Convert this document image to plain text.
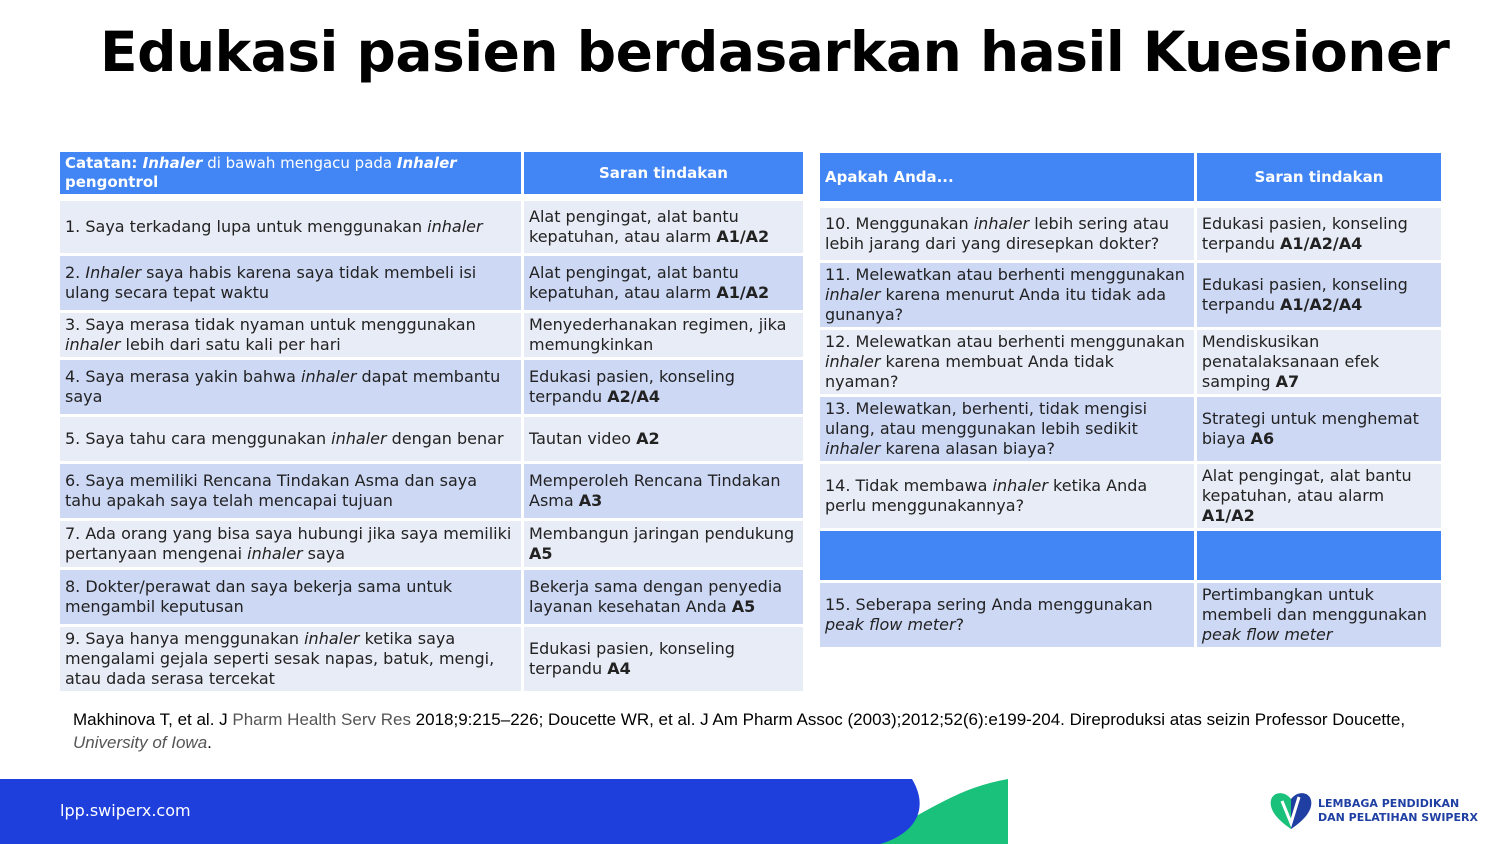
Edukasi pasien berdasarkan hasil Kuesioner
Catatan: Inhaler di bawah mengacu pada Inhaler pengontrol	Saran tindakan

1. Saya terkadang lupa untuk menggunakan inhaler	Alat pengingat, alat bantu kepatuhan, atau alarm A1/A2
2. Inhaler saya habis karena saya tidak membeli isi ulang secara tepat waktu	Alat pengingat, alat bantu kepatuhan, atau alarm A1/A2
3. Saya merasa tidak nyaman untuk menggunakan inhaler lebih dari satu kali per hari	Menyederhanakan regimen, jika memungkinkan
4. Saya merasa yakin bahwa inhaler dapat membantu saya	Edukasi pasien, konseling terpandu A2/A4
5. Saya tahu cara menggunakan inhaler dengan benar	Tautan video A2
6. Saya memiliki Rencana Tindakan Asma dan saya tahu apakah saya telah mencapai tujuan	Memperoleh Rencana Tindakan Asma A3
7. Ada orang yang bisa saya hubungi jika saya memiliki pertanyaan mengenai inhaler saya	Membangun jaringan pendukung A5
8. Dokter/perawat dan saya bekerja sama untuk mengambil keputusan	Bekerja sama dengan penyedia layanan kesehatan Anda A5
9. Saya hanya menggunakan inhaler ketika saya mengalami gejala seperti sesak napas, batuk, mengi, atau dada serasa tercekat	Edukasi pasien, konseling terpandu A4
Apakah Anda...	Saran tindakan

10. Menggunakan inhaler lebih sering atau lebih jarang dari yang diresepkan dokter?	Edukasi pasien, konseling terpandu A1/A2/A4
11. Melewatkan atau berhenti menggunakan inhaler karena menurut Anda itu tidak ada gunanya?	Edukasi pasien, konseling terpandu A1/A2/A4
12. Melewatkan atau berhenti menggunakan inhaler karena membuat Anda tidak nyaman?	Mendiskusikan penatalaksanaan efek samping A7
13. Melewatkan, berhenti, tidak mengisi ulang, atau menggunakan lebih sedikit inhaler karena alasan biaya?	Strategi untuk menghemat biaya A6
14. Tidak membawa inhaler ketika Anda perlu menggunakannya?	Alat pengingat, alat bantu kepatuhan, atau alarm A1/A2

15. Seberapa sering Anda menggunakan peak flow meter?	Pertimbangkan untuk membeli dan menggunakan peak flow meter
Makhinova T, et al. J Pharm Health Serv Res 2018;9:215–226; Doucette WR, et al. J Am Pharm Assoc (2003);2012;52(6):e199-204. Direproduksi atas seizin Professor Doucette, University of Iowa.
lpp.swiperx.com	LEMBAGA PENDIDIKAN
DAN PELATIHAN SWIPERX
